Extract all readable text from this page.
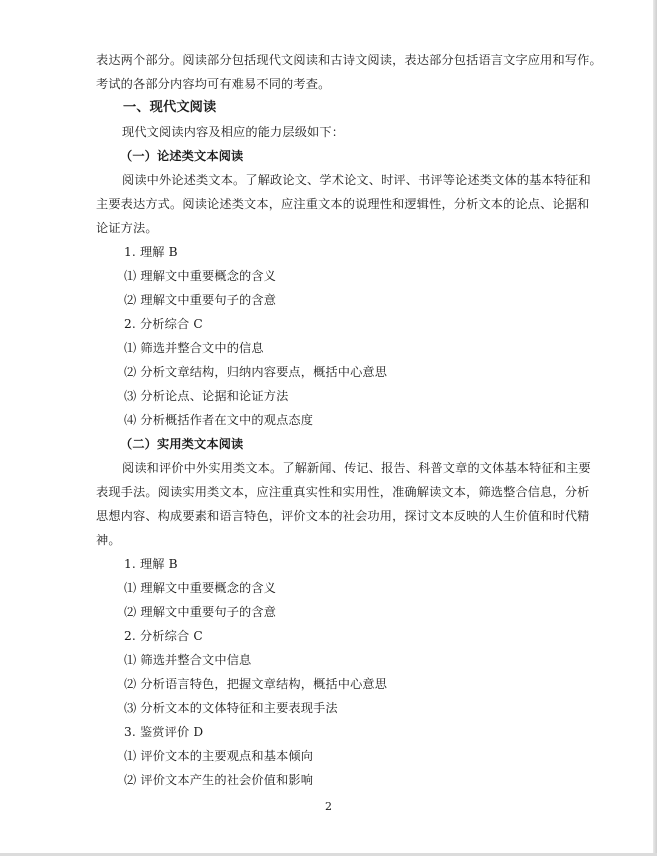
表达两个部分。阅读部分包括现代文阅读和古诗文阅读，表达部分包括语言文字应用和写作。
考试的各部分内容均可有难易不同的考查。
一、现代文阅读
现代文阅读内容及相应的能力层级如下：
（一）论述类文本阅读
阅读中外论述类文本。了解政论文、学术论文、时评、书评等论述类文体的基本特征和
主要表达方式。阅读论述类文本，应注重文本的说理性和逻辑性，分析文本的论点、论据和
论证方法。
1. 理解 B
⑴ 理解文中重要概念的含义
⑵ 理解文中重要句子的含意
2. 分析综合 C
⑴ 筛选并整合文中的信息
⑵ 分析文章结构，归纳内容要点，概括中心意思
⑶ 分析论点、论据和论证方法
⑷ 分析概括作者在文中的观点态度
（二）实用类文本阅读
阅读和评价中外实用类文本。了解新闻、传记、报告、科普文章的文体基本特征和主要
表现手法。阅读实用类文本，应注重真实性和实用性，准确解读文本，筛选整合信息，分析
思想内容、构成要素和语言特色，评价文本的社会功用，探讨文本反映的人生价值和时代精
神。
1. 理解 B
⑴ 理解文中重要概念的含义
⑵ 理解文中重要句子的含意
2. 分析综合 C
⑴ 筛选并整合文中信息
⑵ 分析语言特色，把握文章结构，概括中心意思
⑶ 分析文本的文体特征和主要表现手法
3. 鉴赏评价 D
⑴ 评价文本的主要观点和基本倾向
⑵ 评价文本产生的社会价值和影响
2
